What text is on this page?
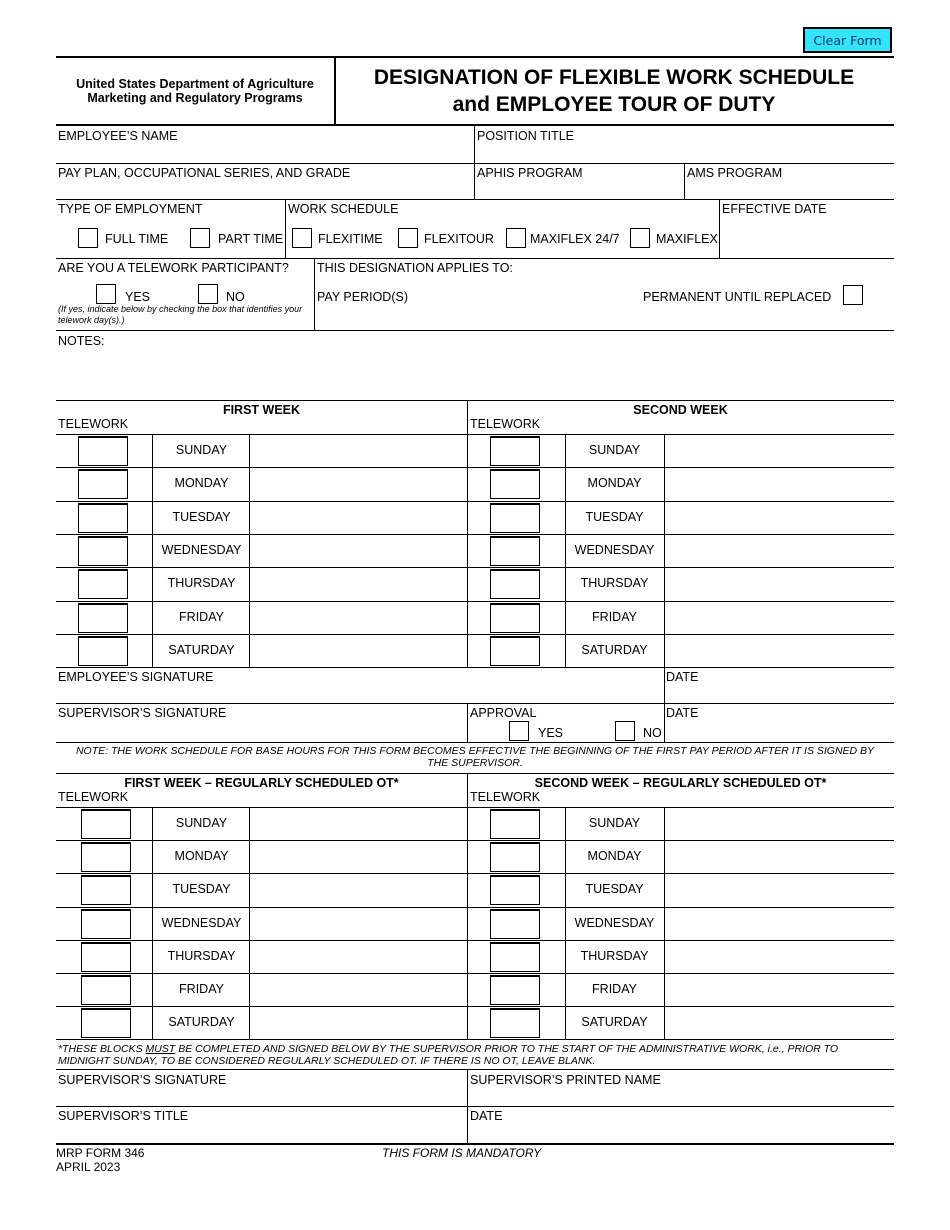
Clear Form
United States Department of Agriculture
Marketing and Regulatory Programs
DESIGNATION OF FLEXIBLE WORK SCHEDULE
and EMPLOYEE TOUR OF DUTY
EMPLOYEE’S NAME	POSITION TITLE
PAY PLAN, OCCUPATIONAL SERIES, AND GRADE	APHIS PROGRAM	AMS PROGRAM
TYPE OF EMPLOYMENT
FULL TIME	PART TIME
WORK SCHEDULE
FLEXITIME	FLEXITOUR	MAXIFLEX 24/7	MAXIFLEX
EFFECTIVE DATE
ARE YOU A TELEWORK PARTICIPANT?
YES	NO
(If yes, indicate below by checking the box that identifies your
telework day(s).)
THIS DESIGNATION APPLIES TO:
PAY PERIOD(S)	PERMANENT UNTIL REPLACED
NOTES:
FIRST WEEK	SECOND WEEK
TELEWORK	TELEWORK
SUNDAY	SUNDAY
MONDAY	MONDAY
TUESDAY	TUESDAY
WEDNESDAY	WEDNESDAY
THURSDAY	THURSDAY
FRIDAY	FRIDAY
SATURDAY	SATURDAY
EMPLOYEE’S SIGNATURE	DATE
SUPERVISOR’S SIGNATURE	APPROVAL
YES	NO
DATE
NOTE: THE WORK SCHEDULE FOR BASE HOURS FOR THIS FORM BECOMES EFFECTIVE THE BEGINNING OF THE FIRST PAY PERIOD AFTER IT IS SIGNED BY
THE SUPERVISOR.
FIRST WEEK – REGULARLY SCHEDULED OT*	SECOND WEEK – REGULARLY SCHEDULED OT*
TELEWORK	TELEWORK
SUNDAY	SUNDAY
MONDAY	MONDAY
TUESDAY	TUESDAY
WEDNESDAY	WEDNESDAY
THURSDAY	THURSDAY
FRIDAY	FRIDAY
SATURDAY	SATURDAY
*THESE BLOCKS MUST BE COMPLETED AND SIGNED BELOW BY THE SUPERVISOR PRIOR TO THE START OF THE ADMINISTRATIVE WORK, i.e., PRIOR TO
MIDNIGHT SUNDAY, TO BE CONSIDERED REGULARLY SCHEDULED OT. IF THERE IS NO OT, LEAVE BLANK.
SUPERVISOR’S SIGNATURE	SUPERVISOR’S PRINTED NAME
SUPERVISOR’S TITLE	DATE
MRP FORM 346
APRIL 2023
THIS FORM IS MANDATORY
